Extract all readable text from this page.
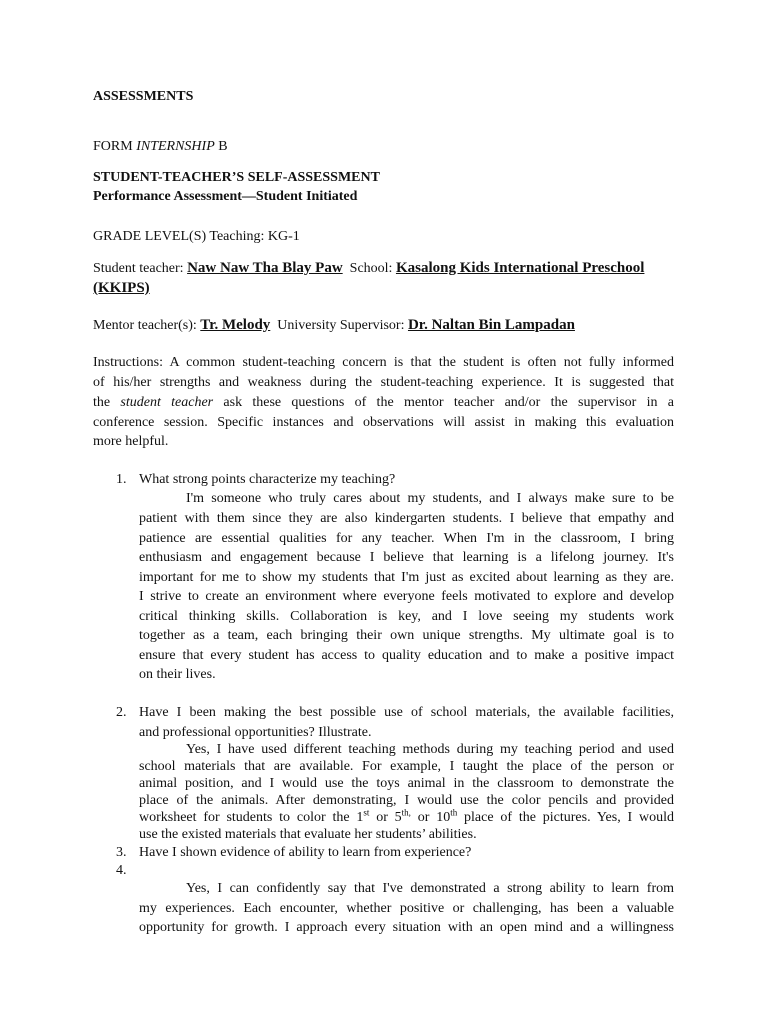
ASSESSMENTS
FORM INTERNSHIP B
STUDENT-TEACHER’S SELF-ASSESSMENT
Performance Assessment—Student Initiated
GRADE LEVEL(S) Teaching: KG-1
Student teacher: Naw Naw Tha Blay Paw School: Kasalong Kids International Preschool
(KKIPS)
Mentor teacher(s): Tr. Melody University Supervisor: Dr. Naltan Bin Lampadan
Instructions: A common student-teaching concern is that the student is often not fully informed
of his/her strengths and weakness during the student-teaching experience. It is suggested that
the student teacher ask these questions of the mentor teacher and/or the supervisor in a
conference session. Specific instances and observations will assist in making this evaluation
more helpful.
1. What strong points characterize my teaching?
I'm someone who truly cares about my students, and I always make sure to be
patient with them since they are also kindergarten students. I believe that empathy and
patience are essential qualities for any teacher. When I'm in the classroom, I bring
enthusiasm and engagement because I believe that learning is a lifelong journey. It's
important for me to show my students that I'm just as excited about learning as they are.
I strive to create an environment where everyone feels motivated to explore and develop
critical thinking skills. Collaboration is key, and I love seeing my students work
together as a team, each bringing their own unique strengths. My ultimate goal is to
ensure that every student has access to quality education and to make a positive impact
on their lives.
2. Have I been making the best possible use of school materials, the available facilities,
and professional opportunities? Illustrate.
Yes, I have used different teaching methods during my teaching period and used
school materials that are available. For example, I taught the place of the person or
animal position, and I would use the toys animal in the classroom to demonstrate the
place of the animals. After demonstrating, I would use the color pencils and provided
worksheet for students to color the 1st or $5^{th,}$ or 10th place of the pictures. Yes, I would
use the existed materials that evaluate her students’ abilities.
3. Have I shown evidence of ability to learn from experience?
4.
Yes, I can confidently say that I've demonstrated a strong ability to learn from
my experiences. Each encounter, whether positive or challenging, has been a valuable
opportunity for growth. I approach every situation with an open mind and a willingness
